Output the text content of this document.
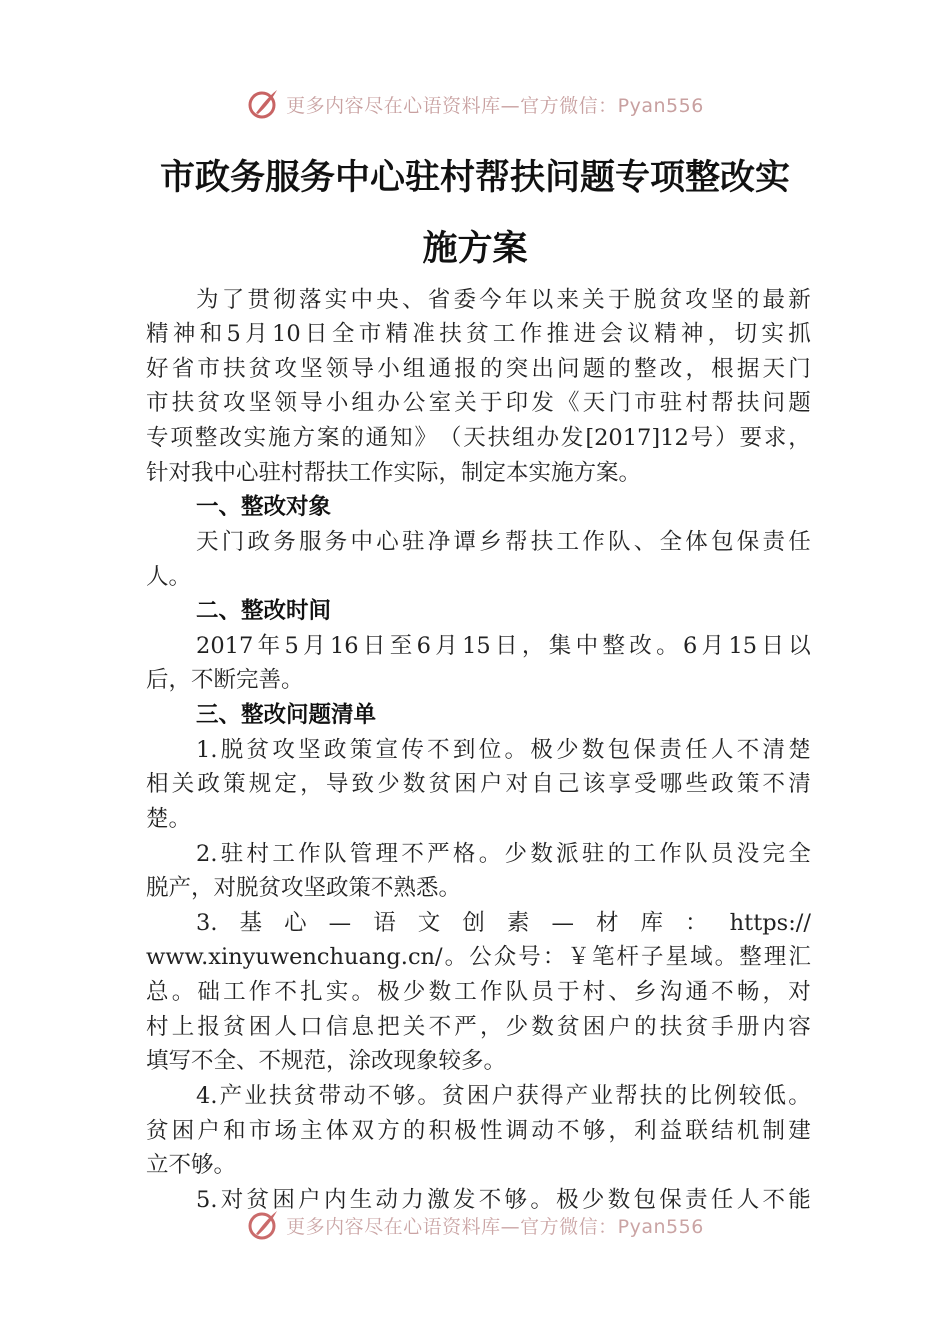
更多内容尽在心语资料库—官方微信：Pyan556
市政务服务中心驻村帮扶问题专项整改实
施方案
为 了 贯 彻 落 实 中 央 、 省 委 今 年 以 来 关 于 脱 贫 攻 坚 的 最 新
精 神 和 5 月 10 日 全 市 精 准 扶 贫 工 作 推 进 会 议 精 神 ， 切 实 抓
好 省 市 扶 贫 攻 坚 领 导 小 组 通 报 的 突 出 问 题 的 整 改 ， 根 据 天 门
市 扶 贫 攻 坚 领 导 小 组 办 公 室 关 于 印 发 《 天 门 市 驻 村 帮 扶 问 题
专 项 整 改 实 施 方 案 的 通 知 》 （ 天 扶 组 办 发 [2017]12 号 ） 要 求 ，
针对我中心驻村帮扶工作实际，制定本实施方案。
一、整改对象
天 门 政 务 服 务 中 心 驻 净 谭 乡 帮 扶 工 作 队 、 全 体 包 保 责 任
人。
二、整改时间
2017 年 5 月 16 日 至 6 月 15 日 ， 集 中 整 改 。 6 月 15 日 以
后，不断完善。
三、整改问题清单
1. 脱 贫 攻 坚 政 策 宣 传 不 到 位 。 极 少 数 包 保 责 任 人 不 清 楚
相 关 政 策 规 定 ， 导 致 少 数 贫 困 户 对 自 己 该 享 受 哪 些 政 策 不 清
楚。
2. 驻 村 工 作 队 管 理 不 严 格 。 少 数 派 驻 的 工 作 队 员 没 完 全
脱产，对脱贫攻坚政策不熟悉。
3. 基 心 — 语 文 创 素 — 材 库 ： https://
www.xinyuwenchuang.cn/ 。 公 众 号 ： ￥ 笔 杆 子 星 域 。 整 理 汇
总 。 础 工 作 不 扎 实 。 极 少 数 工 作 队 员 于 村 、 乡 沟 通 不 畅 ， 对
村 上 报 贫 困 人 口 信 息 把 关 不 严 ， 少 数 贫 困 户 的 扶 贫 手 册 内 容
填写不全、不规范，涂改现象较多。
4. 产 业 扶 贫 带 动 不 够 。 贫 困 户 获 得 产 业 帮 扶 的 比 例 较 低 。
贫 困 户 和 市 场 主 体 双 方 的 积 极 性 调 动 不 够 ， 利 益 联 结 机 制 建
立不够。
5. 对 贫 困 户 内 生 动 力 激 发 不 够 。 极 少 数 包 保 责 任 人 不 能
更多内容尽在心语资料库—官方微信：Pyan556
